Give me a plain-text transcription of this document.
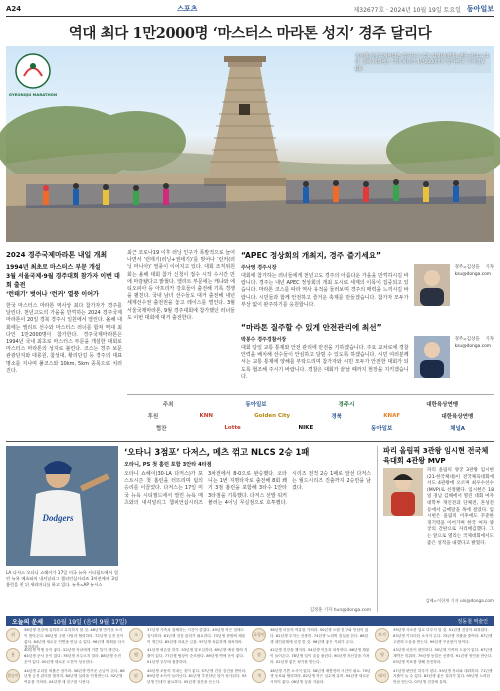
A24	스포츠	제32677호 · 2024년 10월 19일 토요일 동아일보
역대 최다 1만2000명 ‘마스터스 마라톤 성지’ 경주 달리다
GYEONGJU MARATHON
지난해 경주국제마라톤 참가자가 국보 첨성대(왼쪽) 옆을 달리고 있다. 올해 대회에는 역대 최다인 1만2000명이 참가한다. 동아일보DB
2024 경주국제마라톤 내일 개최
1994년 최초로 마스터스 부문 개설
3월 서울국제·9월 경주대회 참가자 이번 대회 출전
‘런태기’ 벗어나 ‘런커’ 열풍 이어가
한국 마스터스 마라톤 역사상 최다 참가자가 경주를 달린다. 천년고도의 가을을 만끽하는 2024 경주국제마라톤이 20일 경북 경주시 일원에서 열린다. 올해 대회에는 엘리트 선수와 마스터스 러너를 합쳐 역대 최다인 1만2000명이 참가한다. 경주국제마라톤은 1994년 국내 최초로 마스터스 부문을 개설한 대회로 마스터스 마라톤의 성지로 불린다. 코스는 경주 보문관광단지와 대릉원, 첨성대, 황리단길 등 경주의 대표 명소를 지나며 풀코스와 10km, 5km 종목으로 치러진다.
최근 코로나19 이후 러닝 인구가 폭발적으로 늘어나면서 ‘런태기(러닝+권태기)’를 벗어나 ‘런커(러닝 마니아)’ 열풍이 이어지고 있다. 대회 조직위원회는 올해 대회 참가 신청이 접수 시작 수시간 만에 마감됐다고 밝혔다. 엘리트 부문에는 케냐와 에티오피아 등 아프리카 강호들이 출전해 기록 경쟁을 펼친다. 국내 남녀 선수들도 대거 출전해 내년 세계선수권 출전권을 놓고 레이스를 벌인다. 3월 서울국제마라톤, 9월 경주대회에 참가했던 러너들도 이번 대회에 대거 출전한다.
“APEC 정상회의 개최지, 경주 즐기세요”
주낙영 경주시장
대회에 참가하는 러너들에게 천년고도 경주의 아름다운 가을을 만끽하시길 바랍니다. 경주는 내년 APEC 정상회의 개최 도시로 세계의 이목이 집중되고 있습니다. 마라톤 코스를 따라 역사 유적을 둘러보며 경주의 매력을 느끼시길 바랍니다. 시민들과 함께 안전하고 즐거운 축제를 만들겠습니다. 참가자 모두가 부상 없이 완주하기를 응원합니다.
경주=김상을 기자 ksu@donga.com
“마라톤 질주할 수 있게 안전관리에 최선”
박봉수 경주경찰서장
대회 당일 교통 통제와 안전 관리에 만전을 기하겠습니다. 주요 교차로에 경찰 인력을 배치해 선수들이 안심하고 달릴 수 있도록 하겠습니다. 시민 여러분께서는 교통 통제에 양해를 부탁드리며 참가자와 시민 모두가 안전한 대회가 되도록 협조해 주시기 바랍니다. 경찰은 대회가 끝날 때까지 현장을 지키겠습니다.
경주=김상을 기자 ksu@donga.com
주최	동아일보	경주시	대한육상연맹
후원	KNN	Golden City	경북	KNAF	대한육상연맹
협찬	Lotte	NIKE	동아일보	채널A
Dodgers
LA 다저스 오타니 쇼헤이가 17일 미국 뉴욕 시티필드에서 열린 뉴욕 메츠와의 내셔널리그 챔피언십시리즈 3차전에서 3점 홈런을 친 뒤 세리머니를 하고 있다. 뉴욕=AP 뉴시스
‘오타니 3점포’ 다저스, 메츠 꺾고 NLCS 2승 1패
오타니, PS 첫 홈런 포함 3안타 4타점
오타니 쇼헤이(30·LA 다저스)가 포스트시즌 첫 홈런을 터뜨리며 팀의 승리를 이끌었다. 다저스는 17일 미국 뉴욕 시티필드에서 열린 뉴욕 메츠와의 내셔널리그 챔피언십시리즈 3차전에서 8-0으로 완승했다. 오타니는 1번 지명타자로 출전해 8회 쐐기 3점 홈런을 포함해 3타수 1안타 3타점을 기록했다. 다저스 선발 워커 뷸러는 4이닝 무실점으로 호투했다. 시리즈 전적 2승 1패로 앞선 다저스는 월드시리즈 진출까지 2승만을 남겼다.
김정훈 기자 hun@donga.com
파리 올림픽 3관왕 임시현 전국체육대회 4관왕 MVP
파리 올림픽 양궁 3관왕 임시현(21·한국체대)이 전국체육대회에서도 4관왕에 오르며 최우수선수(MVP)로 선정됐다. 임시현은 18일 경남 김해에서 열린 대회 여자 대학부 개인전과 단체전, 혼성전 등에서 금메달을 목에 걸었다. 임시현은 올림픽 이후에도 꾸준한 경기력을 이어가며 한국 여자 양궁의 간판으로 자리매김했다. 그는 앞으로 열리는 국제대회에서도 좋은 성적을 내겠다고 밝혔다.
김해=이헌재 기자 uni@donga.com
오늘의 운세 10월 19일 (음력 9월 17일)	정동철 역술인
쥐
36년생 건강에 유의하고 무리하지 말 것. 48년생 반가운 소식이 찾아온다. 60년생 주변 사람과 협력하라. 72년생 금전 운이 좋다. 84년생 새로운 인연을 만날 수 있다. 96년생 계획을 다시 점검하라.
소
37년생 가족과 함께하는 시간이 즐겁다. 49년생 작은 일에도 감사하라. 61년생 건강 관리가 필요하다. 73년생 뜻밖의 재물이 생긴다. 85년생 과욕은 금물. 97년생 차분하게 대처하라.
호랑이
38년생 마음의 여유를 가져라. 50년생 오랜 친구와 만남이 있다. 62년생 투자는 신중히. 74년생 노력의 결실을 본다. 86년생 대인관계에 신경 쓸 것. 98년생 좋은 기회가 온다.
토끼
39년생 사소한 일로 다투지 말 것. 51년생 건강이 회복된다. 63년생 기다리던 소식이 온다. 75년생 지출을 줄여라. 87년생 주변의 도움을 받는다. 99년생 꾸준함이 답이다.
용
40년생 여행 운이 좋다. 52년생 자녀에게 기쁜 일이 생긴다. 64년생 문서 운이 있다. 76년생 서두르지 말라. 88년생 승진 운이 있다. 00년생 새로운 도전이 성공한다.
뱀
41년생 평온한 하루. 53년생 말조심하라. 65년생 예상 밖의 지출이 있다. 77년생 협상이 순조롭다. 89년생 연애 운이 좋다. 01년생 공부에 집중하라.
말
42년생 건강을 챙겨라. 54년생 이웃과 화목하다. 66년생 재물이 들어온다. 78년생 일이 술술 풀린다. 90년생 자신감을 가져라. 02년생 좋은 평가를 받는다.
양
43년생 마음이 편안하다. 55년생 가족의 도움이 있다. 67년생 계약은 미뤄라. 79년생 동업은 신중히. 91년생 귀인을 만난다. 03년생 목표를 향해 전진하라.
원숭이
44년생 무리한 외출은 삼가라. 56년생 반가운 손님이 온다. 68년생 금전 관리를 철저히. 80년생 실력을 인정받는다. 92년생 여유를 가져라. 04년생 새 친구를 사귄다.
닭
45년생 조용히 지내는 것이 좋다. 57년생 건강 검진을 받아라. 69년생 소득이 늘어난다. 81년생 추진하던 일이 성사된다. 93년생 인내가 필요하다. 05년생 칭찬을 듣는다.
개
46년생 기쁜 소식이 있다. 58년생 재충전의 시간이 필요. 70년생 동료와 협력하라. 82년생 작은 실수에 유의. 94년생 새로운 시작이 좋다. 06년생 꿈을 키워라.
돼지
47년생 편안한 하루가 된다. 59년생 자녀와 대화하라. 71년생 지출이 늘 수 있다. 83년생 좋은 결과가 있다. 95년생 노력한 만큼 얻는다. 07년생 건강에 유의.
